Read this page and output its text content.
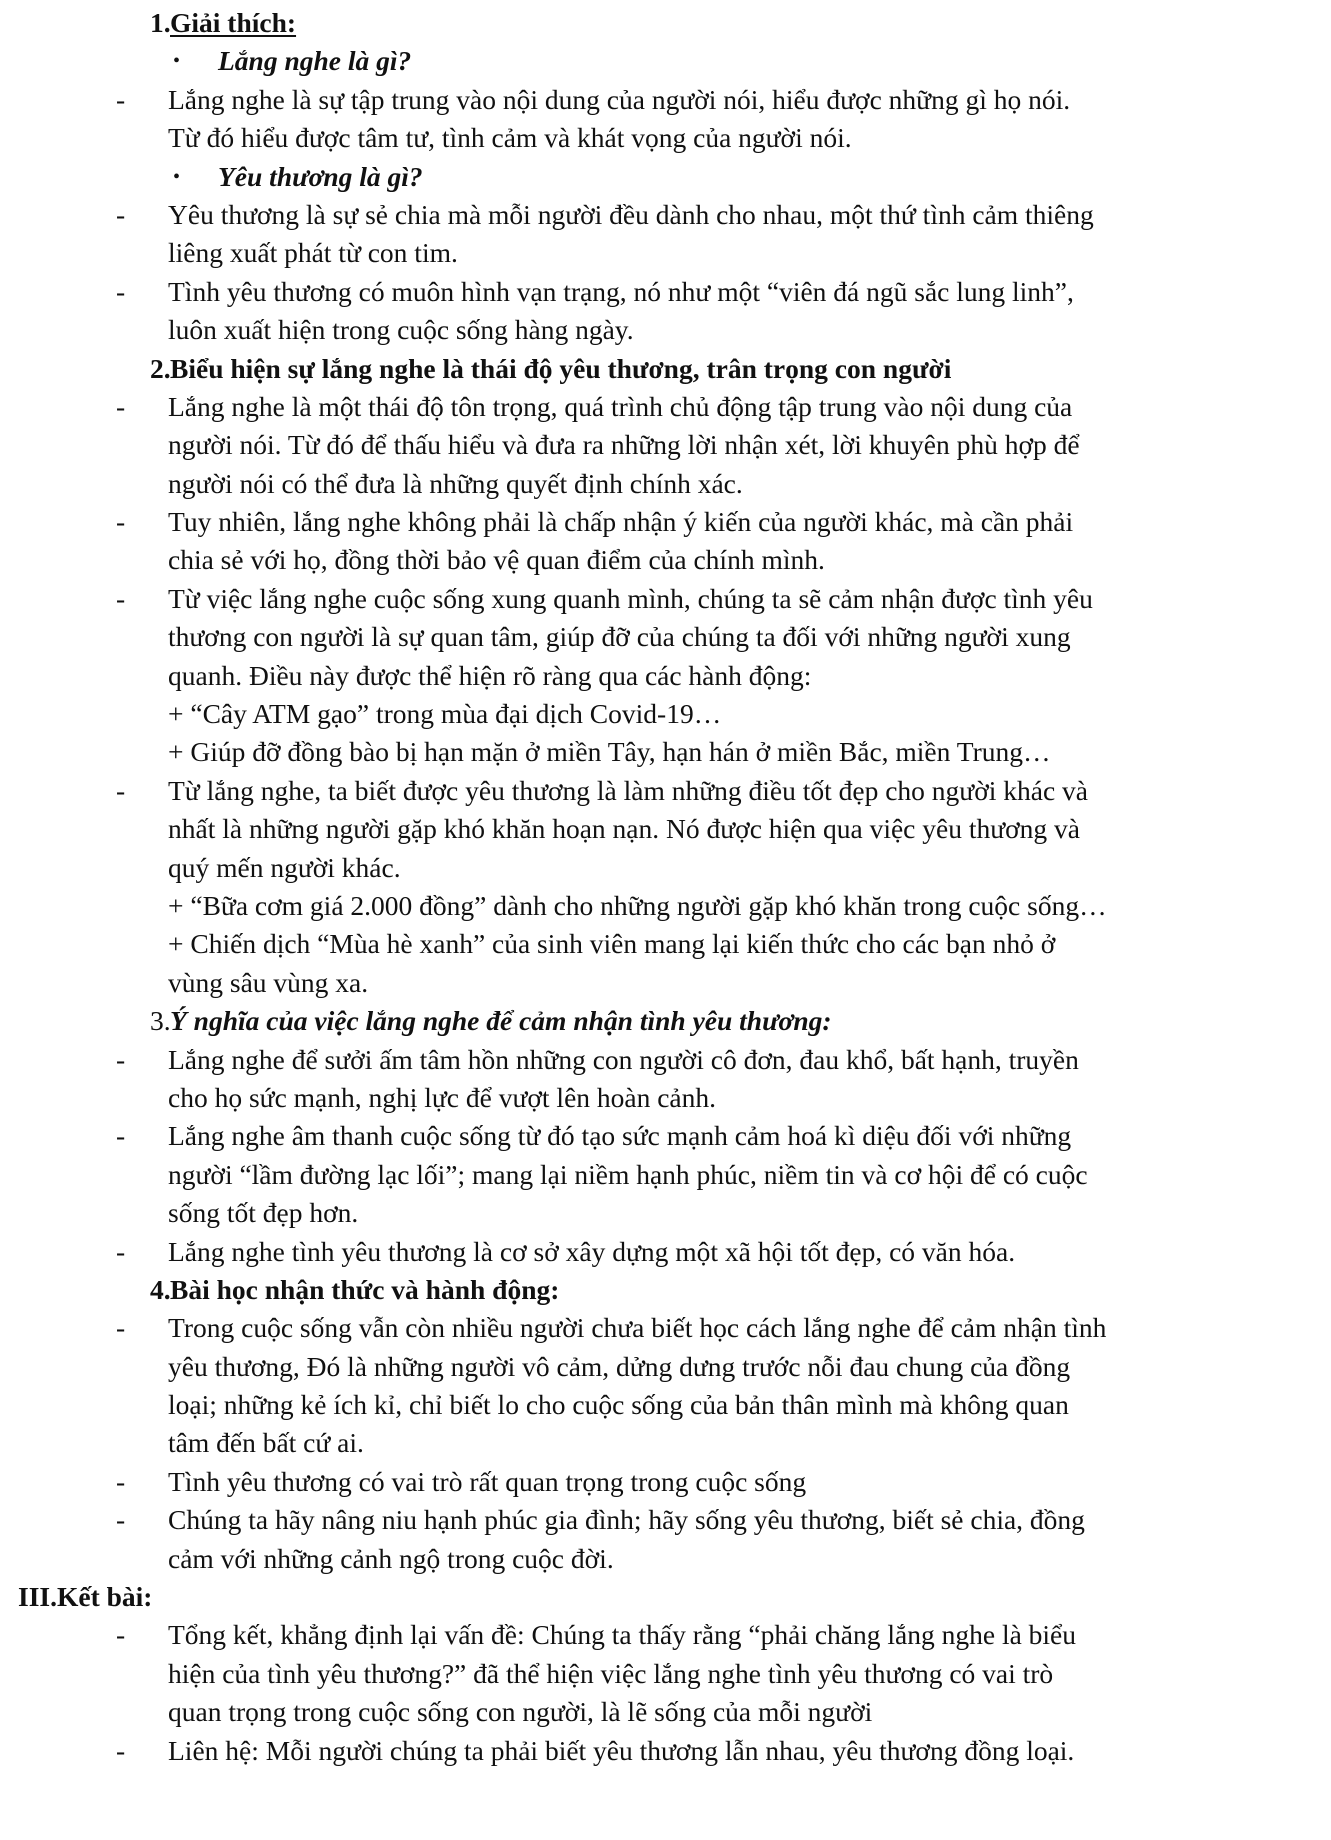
1. Giải thích:
• Lắng nghe là gì?
- Lắng nghe là sự tập trung vào nội dung của người nói, hiểu được những gì họ nói.
Từ đó hiểu được tâm tư, tình cảm và khát vọng của người nói.
• Yêu thương là gì?
- Yêu thương là sự sẻ chia mà mỗi người đều dành cho nhau, một thứ tình cảm thiêng
liêng xuất phát từ con tim.
- Tình yêu thương có muôn hình vạn trạng, nó như một “viên đá ngũ sắc lung linh”,
luôn xuất hiện trong cuộc sống hàng ngày.
2. Biểu hiện sự lắng nghe là thái độ yêu thương, trân trọng con người
- Lắng nghe là một thái độ tôn trọng, quá trình chủ động tập trung vào nội dung của
người nói. Từ đó để thấu hiểu và đưa ra những lời nhận xét, lời khuyên phù hợp để
người nói có thể đưa là những quyết định chính xác.
- Tuy nhiên, lắng nghe không phải là chấp nhận ý kiến của người khác, mà cần phải
chia sẻ với họ, đồng thời bảo vệ quan điểm của chính mình.
- Từ việc lắng nghe cuộc sống xung quanh mình, chúng ta sẽ cảm nhận được tình yêu
thương con người là sự quan tâm, giúp đỡ của chúng ta đối với những người xung
quanh. Điều này được thể hiện rõ ràng qua các hành động:
+ “Cây ATM gạo” trong mùa đại dịch Covid-19…
+ Giúp đỡ đồng bào bị hạn mặn ở miền Tây, hạn hán ở miền Bắc, miền Trung…
- Từ lắng nghe, ta biết được yêu thương là làm những điều tốt đẹp cho người khác và
nhất là những người gặp khó khăn hoạn nạn. Nó được hiện qua việc yêu thương và
quý mến người khác.
+ “Bữa cơm giá 2.000 đồng” dành cho những người gặp khó khăn trong cuộc sống…
+ Chiến dịch “Mùa hè xanh” của sinh viên mang lại kiến thức cho các bạn nhỏ ở
vùng sâu vùng xa.
3. Ý nghĩa của việc lắng nghe để cảm nhận tình yêu thương:
- Lắng nghe để sưởi ấm tâm hồn những con người cô đơn, đau khổ, bất hạnh, truyền
cho họ sức mạnh, nghị lực để vượt lên hoàn cảnh.
- Lắng nghe âm thanh cuộc sống từ đó tạo sức mạnh cảm hoá kì diệu đối với những
người “lầm đường lạc lối”; mang lại niềm hạnh phúc, niềm tin và cơ hội để có cuộc
sống tốt đẹp hơn.
- Lắng nghe tình yêu thương là cơ sở xây dựng một xã hội tốt đẹp, có văn hóa.
4. Bài học nhận thức và hành động:
- Trong cuộc sống vẫn còn nhiều người chưa biết học cách lắng nghe để cảm nhận tình
yêu thương, Đó là những người vô cảm, dửng dưng trước nỗi đau chung của đồng
loại; những kẻ ích kỉ, chỉ biết lo cho cuộc sống của bản thân mình mà không quan
tâm đến bất cứ ai.
- Tình yêu thương có vai trò rất quan trọng trong cuộc sống
- Chúng ta hãy nâng niu hạnh phúc gia đình; hãy sống yêu thương, biết sẻ chia, đồng
cảm với những cảnh ngộ trong cuộc đời.
III.Kết bài:
- Tổng kết, khẳng định lại vấn đề: Chúng ta thấy rằng “phải chăng lắng nghe là biểu
hiện của tình yêu thương?” đã thể hiện việc lắng nghe tình yêu thương có vai trò
quan trọng trong cuộc sống con người, là lẽ sống của mỗi người
- Liên hệ: Mỗi người chúng ta phải biết yêu thương lẫn nhau, yêu thương đồng loại.
